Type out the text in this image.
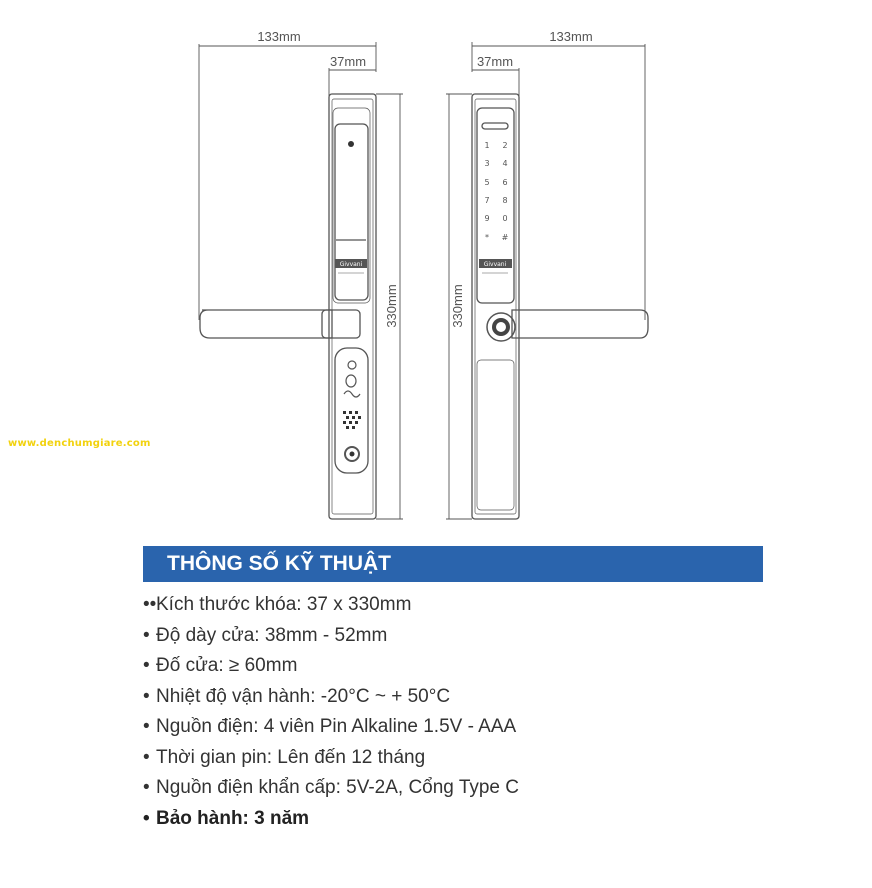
Givvani	Givvani
133mm
37mm
330mm
133mm
37mm
330mm
1 2
3 4
5 6
7 8
9 0
* #
www.denchumgiare.com
THÔNG SỐ KỸ THUẬT
••Kích thước khóa: 37 x 330mm
• Độ dày cửa: 38mm - 52mm
• Đố cửa: ≥ 60mm
• Nhiệt độ vận hành: -20°C ~ + 50°C
• Nguồn điện: 4 viên Pin Alkaline 1.5V - AAA
• Thời gian pin: Lên đến 12 tháng
• Nguồn điện khẩn cấp: 5V-2A, Cổng Type C
• Bảo hành: 3 năm
